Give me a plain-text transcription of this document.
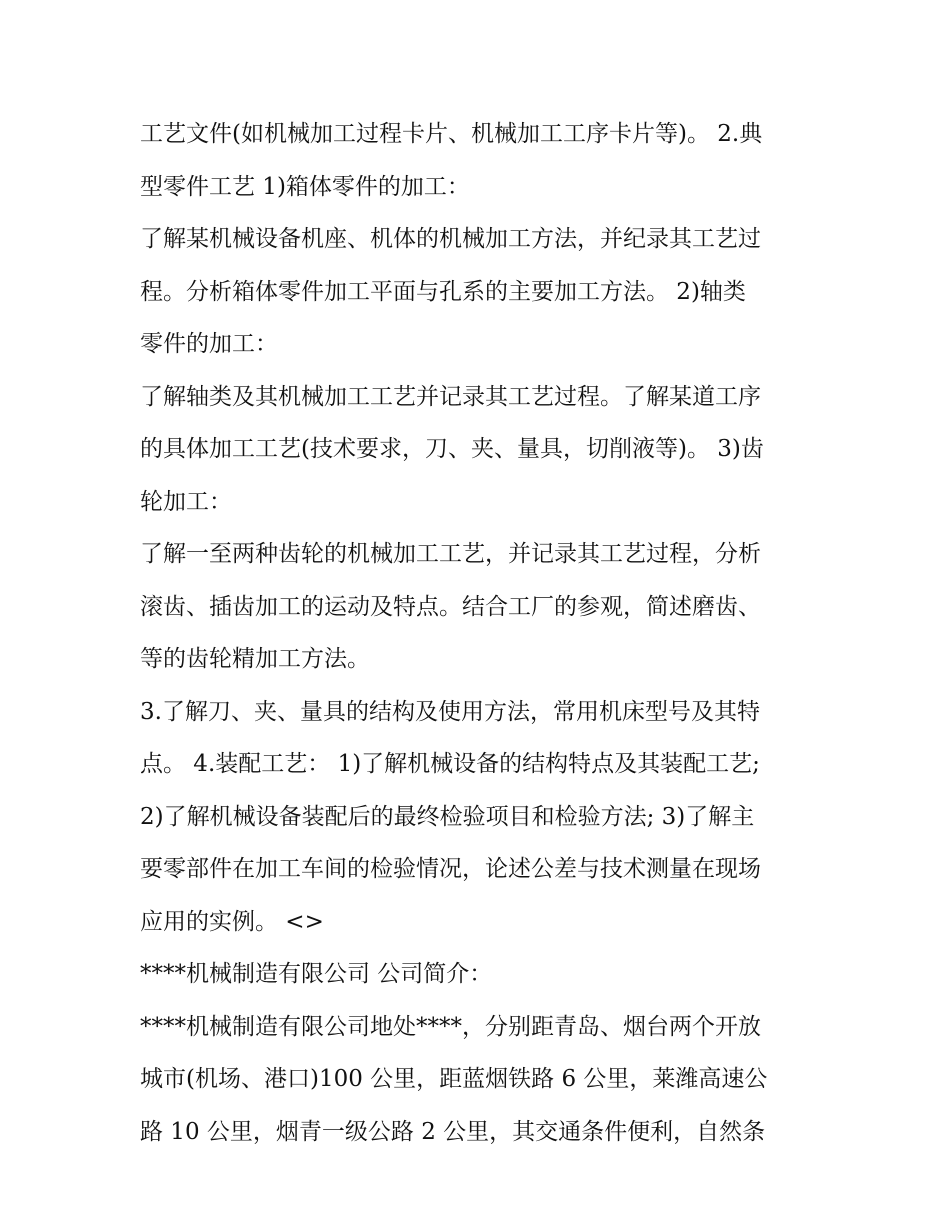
工艺文件(如机械加工过程卡片、机械加工工序卡片等)。 2.典
型零件工艺 1)箱体零件的加工：
了解某机械设备机座、机体的机械加工方法，并纪录其工艺过
程。分析箱体零件加工平面与孔系的主要加工方法。 2)轴类
零件的加工：
了解轴类及其机械加工工艺并记录其工艺过程。了解某道工序
的具体加工工艺(技术要求，刀、夹、量具，切削液等)。 3)齿
轮加工：
了解一至两种齿轮的机械加工工艺，并记录其工艺过程，分析
滚齿、插齿加工的运动及特点。结合工厂的参观，简述磨齿、
等的齿轮精加工方法。
3.了解刀、夹、量具的结构及使用方法，常用机床型号及其特
点。 4.装配工艺： 1)了解机械设备的结构特点及其装配工艺;
2)了解机械设备装配后的最终检验项目和检验方法; 3)了解主
要零部件在加工车间的检验情况，论述公差与技术测量在现场
应用的实例。 <>
****机械制造有限公司 公司简介：
****机械制造有限公司地处****，分别距青岛、烟台两个开放
城市(机场、港口)100 公里，距蓝烟铁路 6 公里，莱潍高速公
路 10 公里，烟青一级公路 2 公里，其交通条件便利，自然条
